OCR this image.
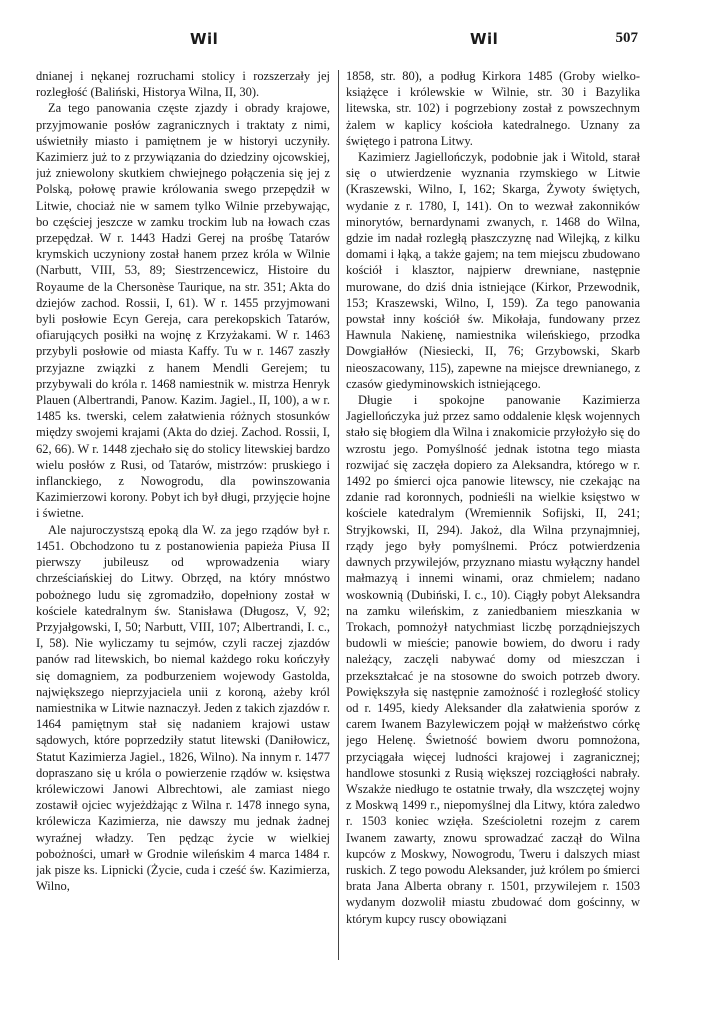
Wil	Wil	507

dnianej i nękanej rozruchami stolicy i rozszerzały jej rozległość (Baliński, Historya Wilna, II, 30).

Za tego panowania częste zjazdy i obrady krajowe, przyjmowanie posłów zagranicznych i traktaty z nimi, uświetniły miasto i pamiętnem je w historyi uczyniły. Kazimierz już to z przywiązania do dziedziny ojcowskiej, już zniewolony skutkiem chwiejnego połączenia się jej z Polską, połowę prawie królowania swego przepędził w Litwie, chociaż nie w samem tylko Wilnie przebywając, bo częściej jeszcze w zamku trockim lub na łowach czas przepędzał. W r. 1443 Hadzi Gerej na prośbę Tatarów krymskich uczyniony został hanem przez króla w Wilnie (Narbutt, VIII, 53, 89; Siestrzencewicz, Histoire du Royaume de la Chersonèse Taurique, na str. 351; Akta do dziejów zachod. Rossii, I, 61). W r. 1455 przyjmowani byli posłowie Ecyn Gereja, cara perekopskich Tatarów, ofiarujących posiłki na wojnę z Krzyżakami. W r. 1463 przybyli posłowie od miasta Kaffy. Tu w r. 1467 zaszły przyjazne związki z hanem Mendli Gerejem; tu przybywali do króla r. 1468 namiestnik w. mistrza Henryk Plauen (Albertrandi, Panow. Kazim. Jagiel., II, 100), a w r. 1485 ks. twerski, celem załatwienia różnych stosunków między swojemi krajami (Akta do dziej. Zachod. Rossii, I, 62, 66). W r. 1448 zjechało się do stolicy litewskiej bardzo wielu posłów z Rusi, od Tatarów, mistrzów: pruskiego i inflanckiego, z Nowogrodu, dla powinszowania Kazimierzowi korony. Pobyt ich był długi, przyjęcie hojne i świetne.

Ale najuroczystszą epoką dla W. za jego rządów był r. 1451. Obchodzono tu z postanowienia papieża Piusa II pierwszy jubileusz od wprowadzenia wiary chrześciańskiej do Litwy. Obrzęd, na który mnóstwo pobożnego ludu się zgromadziło, dopełniony został w kościele katedralnym św. Stanisława (Długosz, V, 92; Przyjałgowski, I, 50; Narbutt, VIII, 107; Albertrandi, I. c., I, 58). Nie wyliczamy tu sejmów, czyli raczej zjazdów panów rad litewskich, bo niemal każdego roku kończyły się domagniem, za podburzeniem wojewody Gastolda, największego nieprzyjaciela unii z koroną, ażeby król namiestnika w Litwie naznaczył. Jeden z takich zjazdów r. 1464 pamiętnym stał się nadaniem krajowi ustaw sądowych, które poprzedziły statut litewski (Daniłowicz, Statut Kazimierza Jagiel., 1826, Wilno). Na innym r. 1477 dopraszano się u króla o powierzenie rządów w. księstwa królewiczowi Janowi Albrechtowi, ale zamiast niego zostawił ojciec wyjeżdżając z Wilna r. 1478 innego syna, królewicza Kazimierza, nie dawszy mu jednak żadnej wyraźnej władzy. Ten pędząc życie w wielkiej pobożności, umarł w Grodnie wileńskim 4 marca 1484 r. jak pisze ks. Lipnicki (Życie, cuda i cześć św. Kazimierza, Wilno,

1858, str. 80), a podług Kirkora 1485 (Groby wielko-książęce i królewskie w Wilnie, str. 30 i Bazylika litewska, str. 102) i pogrzebiony został z powszechnym żalem w kaplicy kościoła katedralnego. Uznany za świętego i patrona Litwy.

Kazimierz Jagiellończyk, podobnie jak i Witold, starał się o utwierdzenie wyznania rzymskiego w Litwie (Kraszewski, Wilno, I, 162; Skarga, Żywoty świętych, wydanie z r. 1780, I, 141). On to wezwał zakonników minorytów, bernardynami zwanych, r. 1468 do Wilna, gdzie im nadał rozległą płaszczyznę nad Wilejką, z kilku domami i łąką, a także gajem; na tem miejscu zbudowano kościół i klasztor, najpierw drewniane, następnie murowane, do dziś dnia istniejące (Kirkor, Przewodnik, 153; Kraszewski, Wilno, I, 159). Za tego panowania powstał inny kościół św. Mikołaja, fundowany przez Hawnula Nakienę, namiestnika wileńskiego, przodka Dowgiałłów (Niesiecki, II, 76; Grzybowski, Skarb nieoszacowany, 115), zapewne na miejsce drewnianego, z czasów giedyminowskich istniejącego.

Długie i spokojne panowanie Kazimierza Jagiellończyka już przez samo oddalenie klęsk wojennych stało się błogiem dla Wilna i znakomicie przyłożyło się do wzrostu jego. Pomyślność jednak istotna tego miasta rozwijać się zaczęła dopiero za Aleksandra, którego w r. 1492 po śmierci ojca panowie litewscy, nie czekając na zdanie rad koronnych, podnieśli na wielkie księstwo w kościele katedralym (Wremiennik Sofijski, II, 241; Stryjkowski, II, 294). Jakoż, dla Wilna przynajmniej, rządy jego były pomyślnemi. Prócz potwierdzenia dawnych przywilejów, przyznano miastu wyłączny handel małmazyą i innemi winami, oraz chmielem; nadano woskownią (Dubiński, I. c., 10). Ciągły pobyt Aleksandra na zamku wileńskim, z zaniedbaniem mieszkania w Trokach, pomnożył natychmiast liczbę porządniejszych budowli w mieście; panowie bowiem, do dworu i rady należący, zaczęli nabywać domy od mieszczan i przekształcać je na stosowne do swoich potrzeb dwory. Powiększyła się następnie zamożność i rozległość stolicy od r. 1495, kiedy Aleksander dla załatwienia sporów z carem Iwanem Bazylewiczem pojął w małżeństwo córkę jego Helenę. Świetność bowiem dworu pomnożona, przyciągała więcej ludności krajowej i zagranicznej; handlowe stosunki z Rusią większej rozciągłości nabrały. Wszakże niedługo te ostatnie trwały, dla wszczętej wojny z Moskwą 1499 r., niepomyślnej dla Litwy, która zaledwo r. 1503 koniec wzięła. Sześcioletni rozejm z carem Iwanem zawarty, znowu sprowadzać zaczął do Wilna kupców z Moskwy, Nowogrodu, Tweru i dalszych miast ruskich. Z tego powodu Aleksander, już królem po śmierci brata Jana Alberta obrany r. 1501, przywilejem r. 1503 wydanym dozwolił miastu zbudować dom gościnny, w którym kupcy ruscy obowiązani
